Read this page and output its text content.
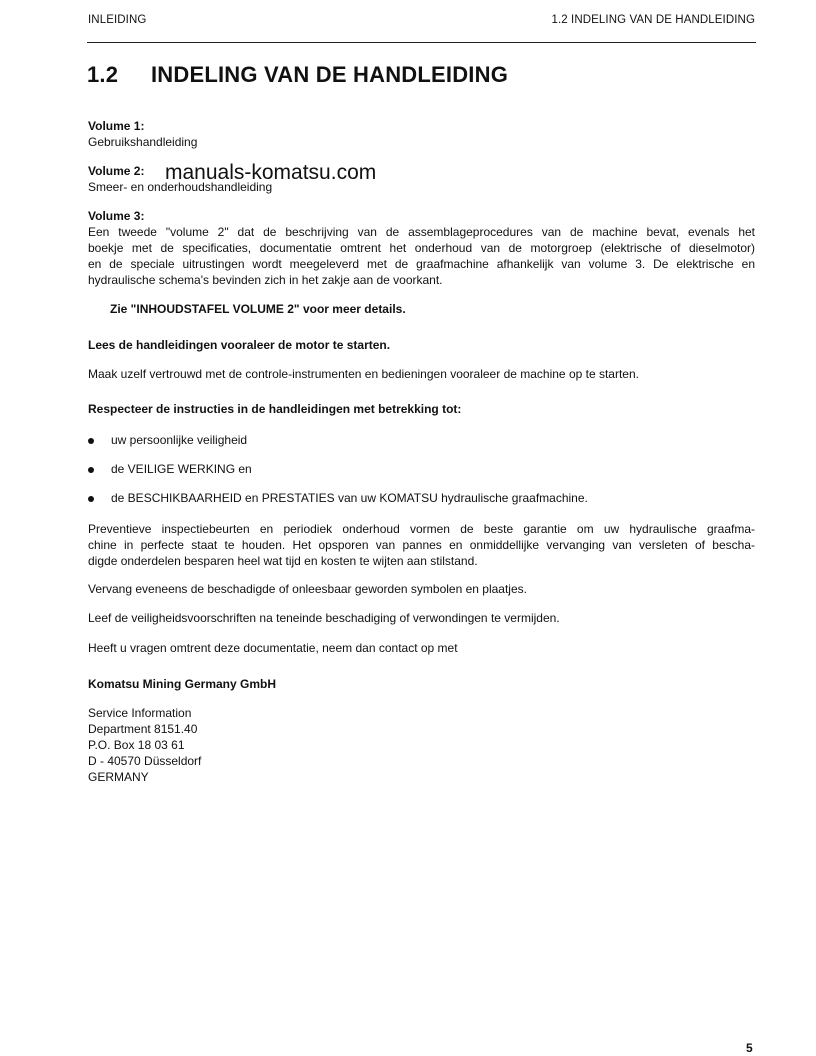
INLEIDING	1.2 INDELING VAN DE HANDLEIDING
1.2 INDELING VAN DE HANDLEIDING
Volume 1:
Gebruikshandleiding
Volume 2:
Smeer- en onderhoudshandleiding
manuals-komatsu.com
Volume 3:
Een tweede "volume 2" dat de beschrijving van de assemblageprocedures van de machine bevat, evenals het
boekje met de specificaties, documentatie omtrent het onderhoud van de motorgroep (elektrische of dieselmotor)
en de speciale uitrustingen wordt meegeleverd met de graafmachine afhankelijk van volume 3. De elektrische en
hydraulische schema's bevinden zich in het zakje aan de voorkant.
Zie "INHOUDSTAFEL VOLUME 2" voor meer details.
Lees de handleidingen vooraleer de motor te starten.
Maak uzelf vertrouwd met de controle-instrumenten en bedieningen vooraleer de machine op te starten.
Respecteer de instructies in de handleidingen met betrekking tot:
uw persoonlijke veiligheid
de VEILIGE WERKING en
de BESCHIKBAARHEID en PRESTATIES van uw KOMATSU hydraulische graafmachine.
Preventieve inspectiebeurten en periodiek onderhoud vormen de beste garantie om uw hydraulische graafma-
chine in perfecte staat te houden. Het opsporen van pannes en onmiddellijke vervanging van versleten of bescha-
digde onderdelen besparen heel wat tijd en kosten te wijten aan stilstand.
Vervang eveneens de beschadigde of onleesbaar geworden symbolen en plaatjes.
Leef de veiligheidsvoorschriften na teneinde beschadiging of verwondingen te vermijden.
Heeft u vragen omtrent deze documentatie, neem dan contact op met
Komatsu Mining Germany GmbH
Service Information
Department 8151.40
P.O. Box 18 03 61
D - 40570 Düsseldorf
GERMANY
5
